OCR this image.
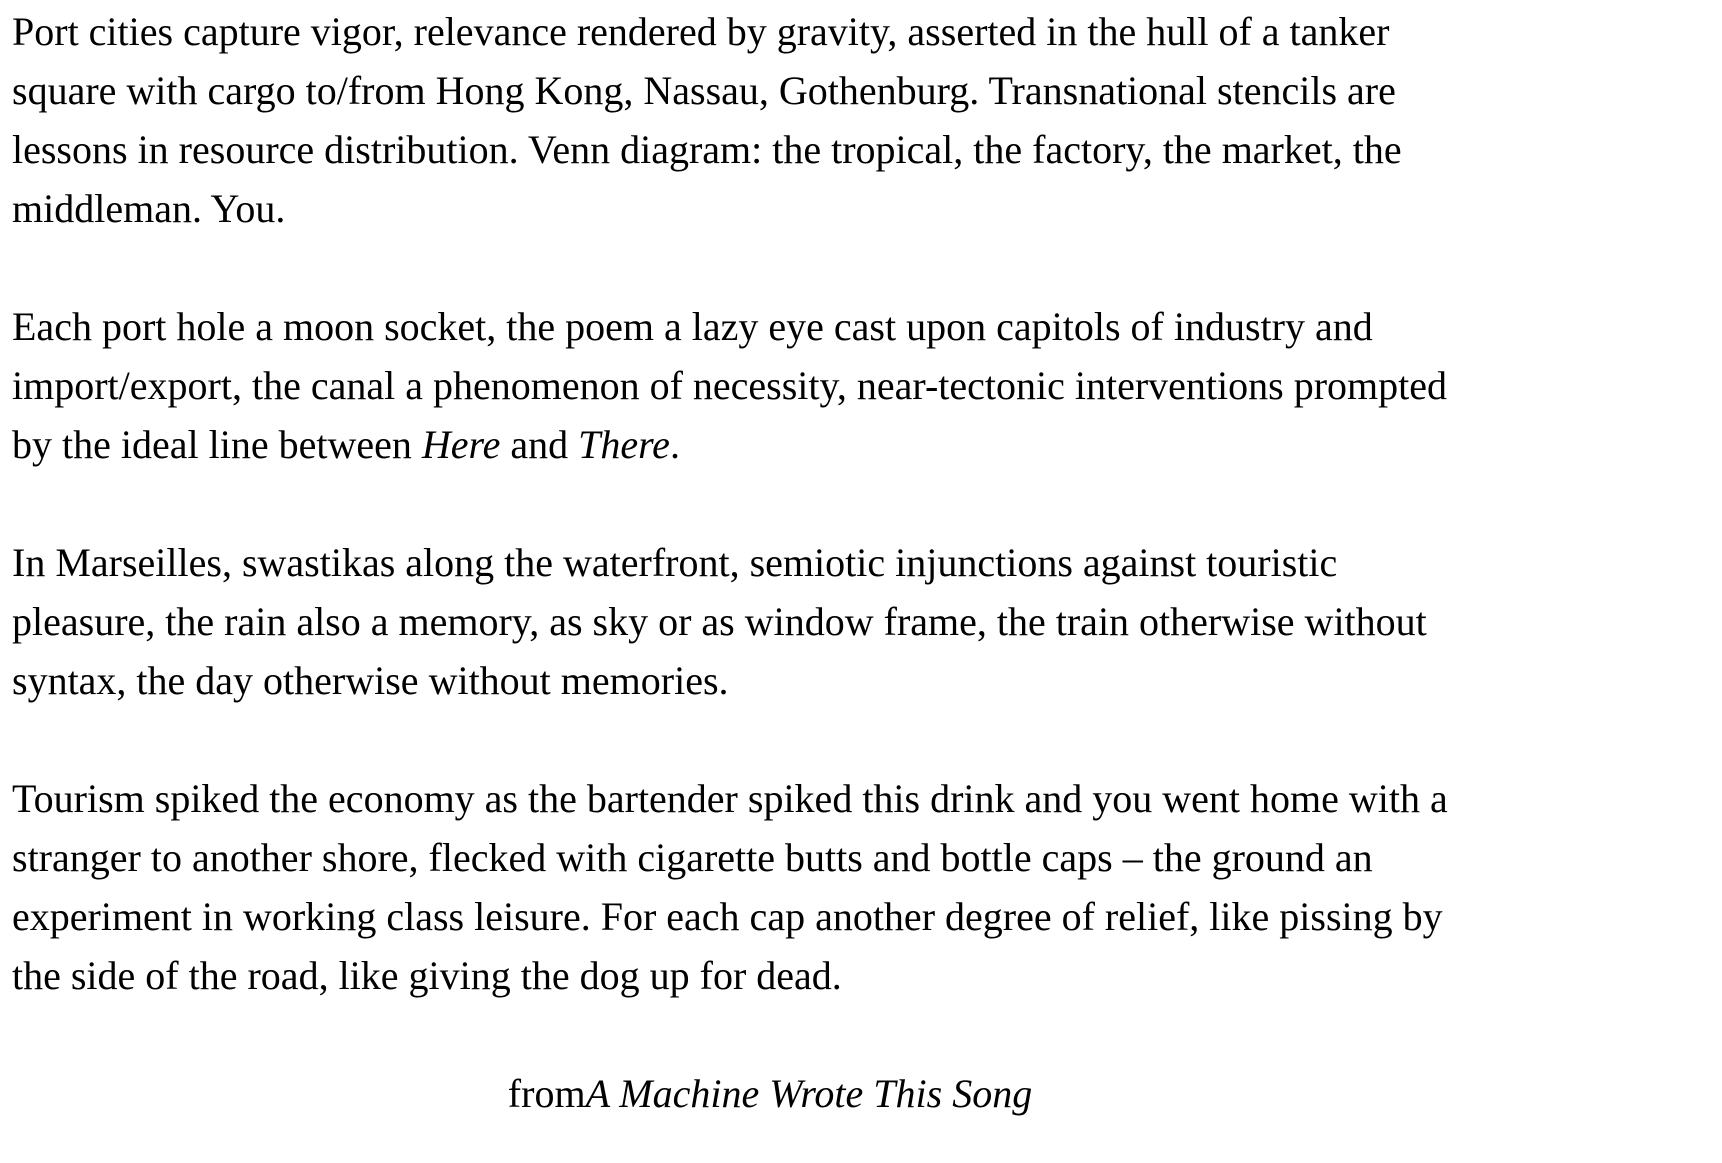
Port cities capture vigor, relevance rendered by gravity, asserted in the hull of a tanker
square with cargo to/from Hong Kong, Nassau, Gothenburg. Transnational stencils are
lessons in resource distribution. Venn diagram: the tropical, the factory, the market, the
middleman. You.

Each port hole a moon socket, the poem a lazy eye cast upon capitols of industry and
import/export, the canal a phenomenon of necessity, near-tectonic interventions prompted
by the ideal line between Here and There.

In Marseilles, swastikas along the waterfront, semiotic injunctions against touristic
pleasure, the rain also a memory, as sky or as window frame, the train otherwise without
syntax, the day otherwise without memories.

Tourism spiked the economy as the bartender spiked this drink and you went home with a
stranger to another shore, flecked with cigarette butts and bottle caps – the ground an
experiment in working class leisure. For each cap another degree of relief, like pissing by
the side of the road, like giving the dog up for dead.

fromA Machine Wrote This Song
